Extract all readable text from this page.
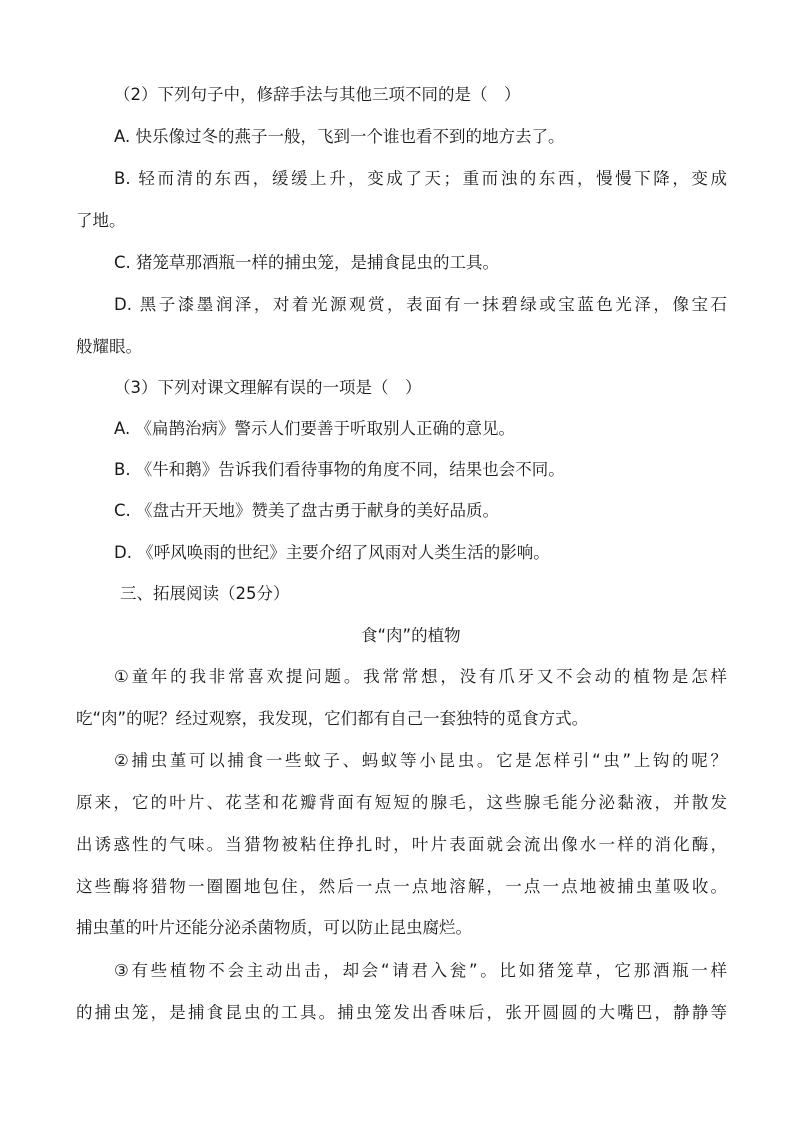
（2）下列句子中，修辞手法与其他三项不同的是（　）
A. 快乐像过冬的燕子一般，飞到一个谁也看不到的地方去了。
B. 轻而清的东西，缓缓上升，变成了天；重而浊的东西，慢慢下降，变成
了地。
C. 猪笼草那酒瓶一样的捕虫笼，是捕食昆虫的工具。
D. 黑子漆墨润泽，对着光源观赏，表面有一抹碧绿或宝蓝色光泽，像宝石
般耀眼。
（3）下列对课文理解有误的一项是（　）
A. 《扁鹊治病》警示人们要善于听取别人正确的意见。
B. 《牛和鹅》告诉我们看待事物的角度不同，结果也会不同。
C. 《盘古开天地》赞美了盘古勇于献身的美好品质。
D. 《呼风唤雨的世纪》主要介绍了风雨对人类生活的影响。
三、拓展阅读（25分）
食“肉”的植物
①童年的我非常喜欢提问题。我常常想，没有爪牙又不会动的植物是怎样
吃“肉”的呢？经过观察，我发现，它们都有自己一套独特的觅食方式。
②捕虫堇可以捕食一些蚊子、蚂蚁等小昆虫。它是怎样引“虫”上钩的呢？
原来，它的叶片、花茎和花瓣背面有短短的腺毛，这些腺毛能分泌黏液，并散发
出诱惑性的气味。当猎物被粘住挣扎时，叶片表面就会流出像水一样的消化酶，
这些酶将猎物一圈圈地包住，然后一点一点地溶解，一点一点地被捕虫堇吸收。
捕虫堇的叶片还能分泌杀菌物质，可以防止昆虫腐烂。
③有些植物不会主动出击，却会“请君入瓮”。比如猪笼草，它那酒瓶一样
的捕虫笼，是捕食昆虫的工具。捕虫笼发出香味后，张开圆圆的大嘴巴，静静等
